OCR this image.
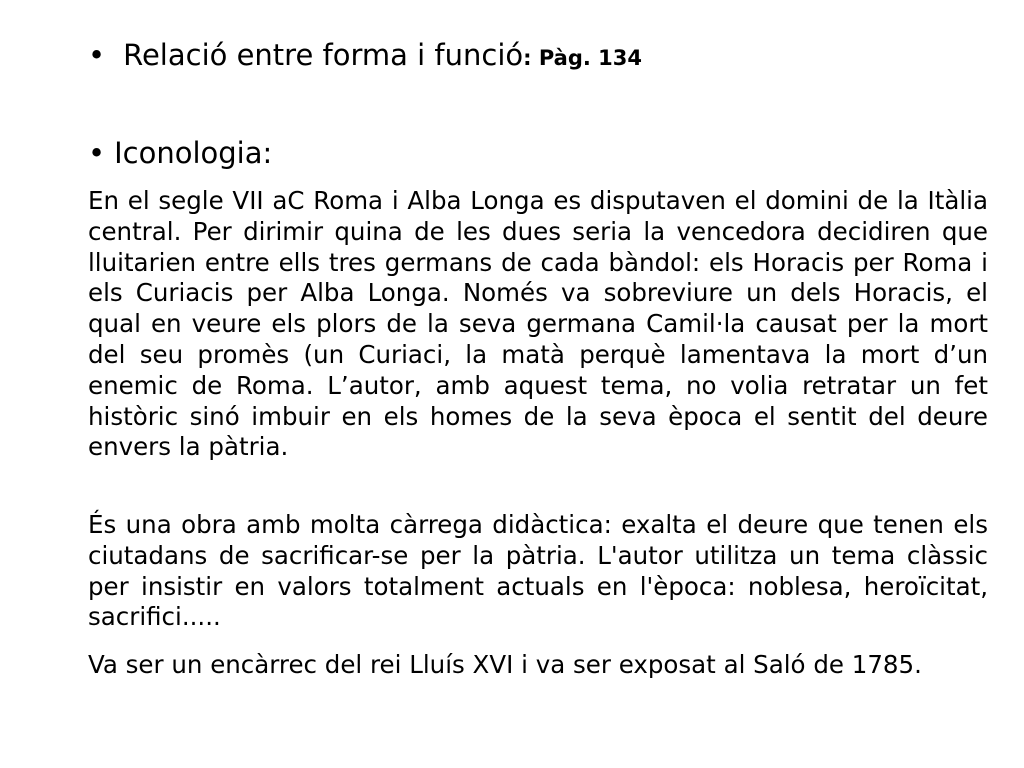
• Relació entre forma i funció: Pàg. 134
• Iconologia:

En el segle VII aC Roma i Alba Longa es disputaven el domini de la Itàlia central. Per dirimir quina de les dues seria la vencedora decidiren que lluitarien entre ells tres germans de cada bàndol: els Horacis per Roma i els Curiacis per Alba Longa. Només va sobreviure un dels Horacis, el qual en veure els plors de la seva germana Camil·la causat per la mort del seu promès (un Curiaci, la matà perquè lamentava la mort d’un enemic de Roma. L’autor, amb aquest tema, no volia retratar un fet històric sinó imbuir en els homes de la seva època el sentit del deure envers la pàtria.

És una obra amb molta càrrega didàctica: exalta el deure que tenen els ciutadans de sacrificar-se per la pàtria. L'autor utilitza un tema clàssic per insistir en valors totalment actuals en l'època: noblesa, heroïcitat, sacrifici.....

Va ser un encàrrec del rei Lluís XVI i va ser exposat al Saló de 1785.
